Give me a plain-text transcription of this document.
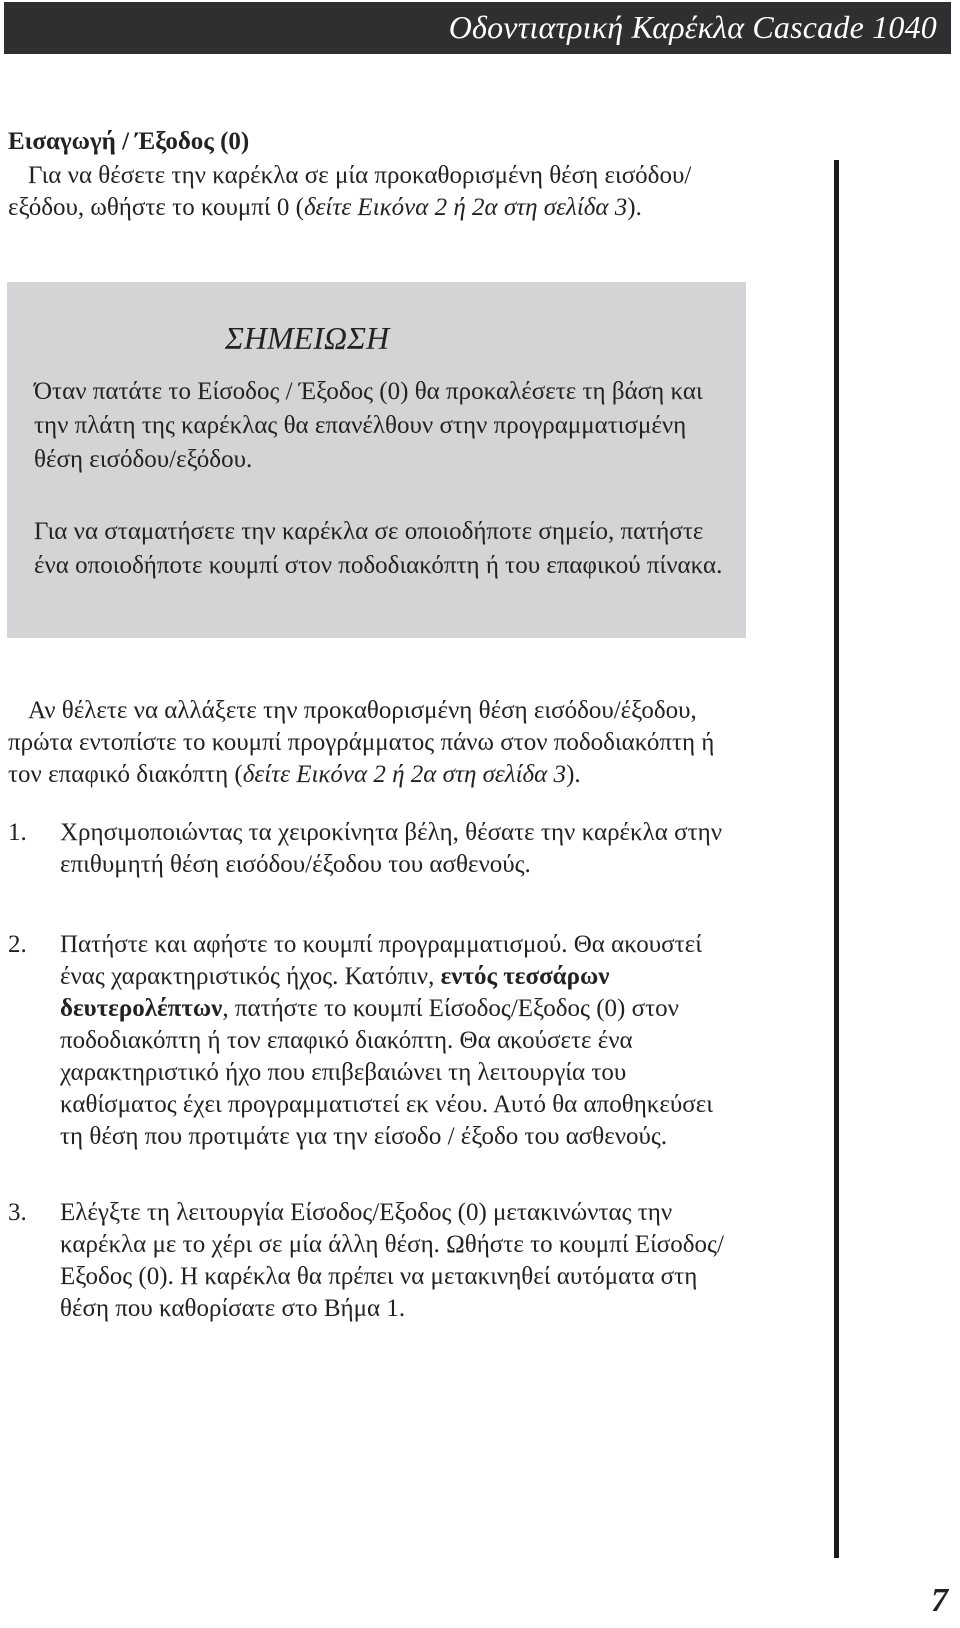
Οδοντιατρική Καρέκλα Cascade 1040
Εισαγωγή / Έξοδος (0)
Για να θέσετε την καρέκλα σε μία προκαθορισμένη θέση εισόδου/εξόδου, ωθήστε το κουμπί 0 (δείτε Εικόνα 2 ή 2α στη σελίδα 3).
ΣΗΜΕΙΩΣΗ
Όταν πατάτε το Είσοδος / Έξοδος (0) θα προκαλέσετε τη βάση και την πλάτη της καρέκλας θα επανέλθουν στην προγραμματισμένη θέση εισόδου/εξόδου.
Για να σταματήσετε την καρέκλα σε οποιοδήποτε σημείο, πατήστε ένα οποιοδήποτε κουμπί στον ποδοδιακόπτη ή του επαφικού πίνακα.
Αν θέλετε να αλλάξετε την προκαθορισμένη θέση εισόδου/έξοδου, πρώτα εντοπίστε το κουμπί προγράμματος πάνω στον ποδοδιακόπτη ή τον επαφικό διακόπτη (δείτε Εικόνα 2 ή 2α στη σελίδα 3).
1. Χρησιμοποιώντας τα χειροκίνητα βέλη, θέσατε την καρέκλα στην επιθυμητή θέση εισόδου/έξοδου του ασθενούς.
2. Πατήστε και αφήστε το κουμπί προγραμματισμού. Θα ακουστεί ένας χαρακτηριστικός ήχος. Κατόπιν, εντός τεσσάρων δευτερολέπτων, πατήστε το κουμπί Είσοδος/Εξοδος (0) στον ποδοδιακόπτη ή τον επαφικό διακόπτη. Θα ακούσετε ένα χαρακτηριστικό ήχο που επιβεβαιώνει τη λειτουργία του καθίσματος έχει προγραμματιστεί εκ νέου. Αυτό θα αποθηκεύσει τη θέση που προτιμάτε για την είσοδο / έξοδο του ασθενούς.
3. Ελέγξτε τη λειτουργία Είσοδος/Εξοδος (0) μετακινώντας την καρέκλα με το χέρι σε μία άλλη θέση. Ωθήστε το κουμπί Είσοδος/Εξοδος (0). Η καρέκλα θα πρέπει να μετακινηθεί αυτόματα στη θέση που καθορίσατε στο Βήμα 1.
7
